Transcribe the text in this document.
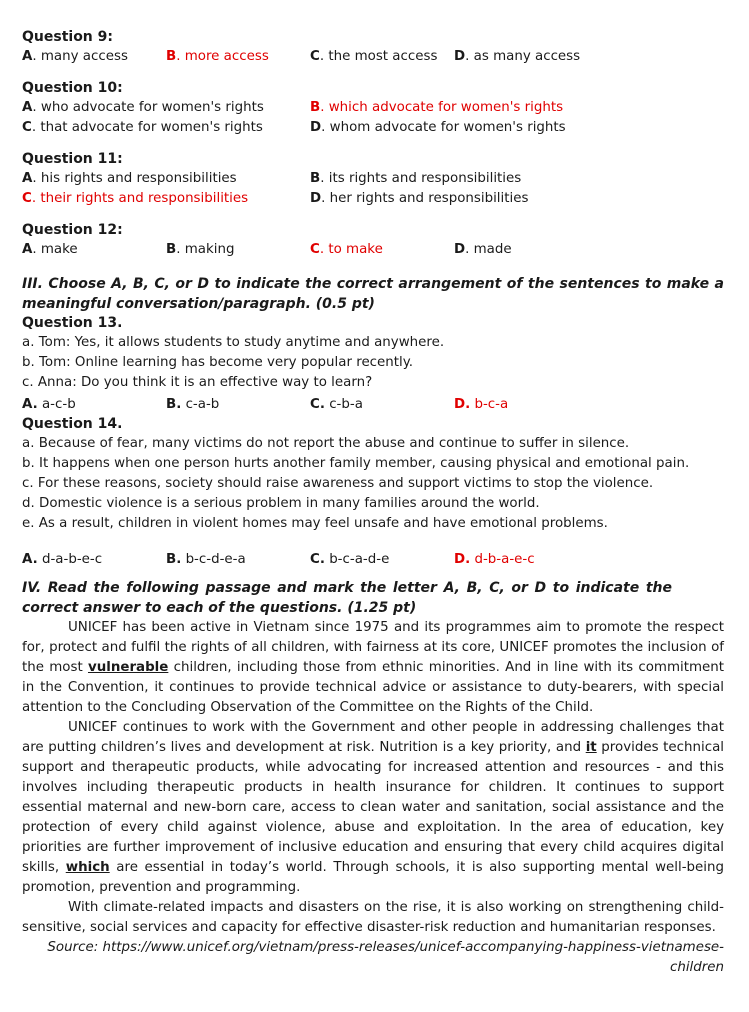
Question 9:

A. many access	B. more access	C. the most access	D. as many access

Question 10:

A. who advocate for women's rights	B. which advocate for women's rights
C. that advocate for women's rights	D. whom advocate for women's rights

Question 11:

A. his rights and responsibilities	B. its rights and responsibilities
C. their rights and responsibilities	D. her rights and responsibilities

Question 12:

A. make	B. making	C. to make	D. made

III. Choose A, B, C, or D to indicate the correct arrangement of the sentences to make a meaningful conversation/paragraph. (0.5 pt)

Question 13.

a. Tom: Yes, it allows students to study anytime and anywhere.
b. Tom: Online learning has become very popular recently.
c. Anna: Do you think it is an effective way to learn?
A. a-c-b	B. c-a-b	C. c-b-a	D. b-c-a

Question 14.

a. Because of fear, many victims do not report the abuse and continue to suffer in silence.
b. It happens when one person hurts another family member, causing physical and emotional pain.
c. For these reasons, society should raise awareness and support victims to stop the violence.
d. Domestic violence is a serious problem in many families around the world.
e. As a result, children in violent homes may feel unsafe and have emotional problems.
A. d-a-b-e-c	B. b-c-d-e-a	C. b-c-a-d-e	D. d-b-a-e-c

IV. Read the following passage and mark the letter A, B, C, or D to indicate the correct answer to each of the questions. (1.25 pt)

UNICEF has been active in Vietnam since 1975 and its programmes aim to promote the respect for, protect and fulfil the rights of all children, with fairness at its core, UNICEF promotes the inclusion of the most vulnerable children, including those from ethnic minorities. And in line with its commitment in the Convention, it continues to provide technical advice or assistance to duty-bearers, with special attention to the Concluding Observation of the Committee on the Rights of the Child.

UNICEF continues to work with the Government and other people in addressing challenges that are putting children’s lives and development at risk. Nutrition is a key priority, and it provides technical support and therapeutic products, while advocating for increased attention and resources - and this involves including therapeutic products in health insurance for children. It continues to support essential maternal and new-born care, access to clean water and sanitation, social assistance and the protection of every child against violence, abuse and exploitation. In the area of education, key priorities are further improvement of inclusive education and ensuring that every child acquires digital skills, which are essential in today’s world. Through schools, it is also supporting mental well-being promotion, prevention and programming.

With climate-related impacts and disasters on the rise, it is also working on strengthening child-sensitive, social services and capacity for effective disaster-risk reduction and humanitarian responses.

Source: https://www.unicef.org/vietnam/press-releases/unicef-accompanying-happiness-vietnamese-children
